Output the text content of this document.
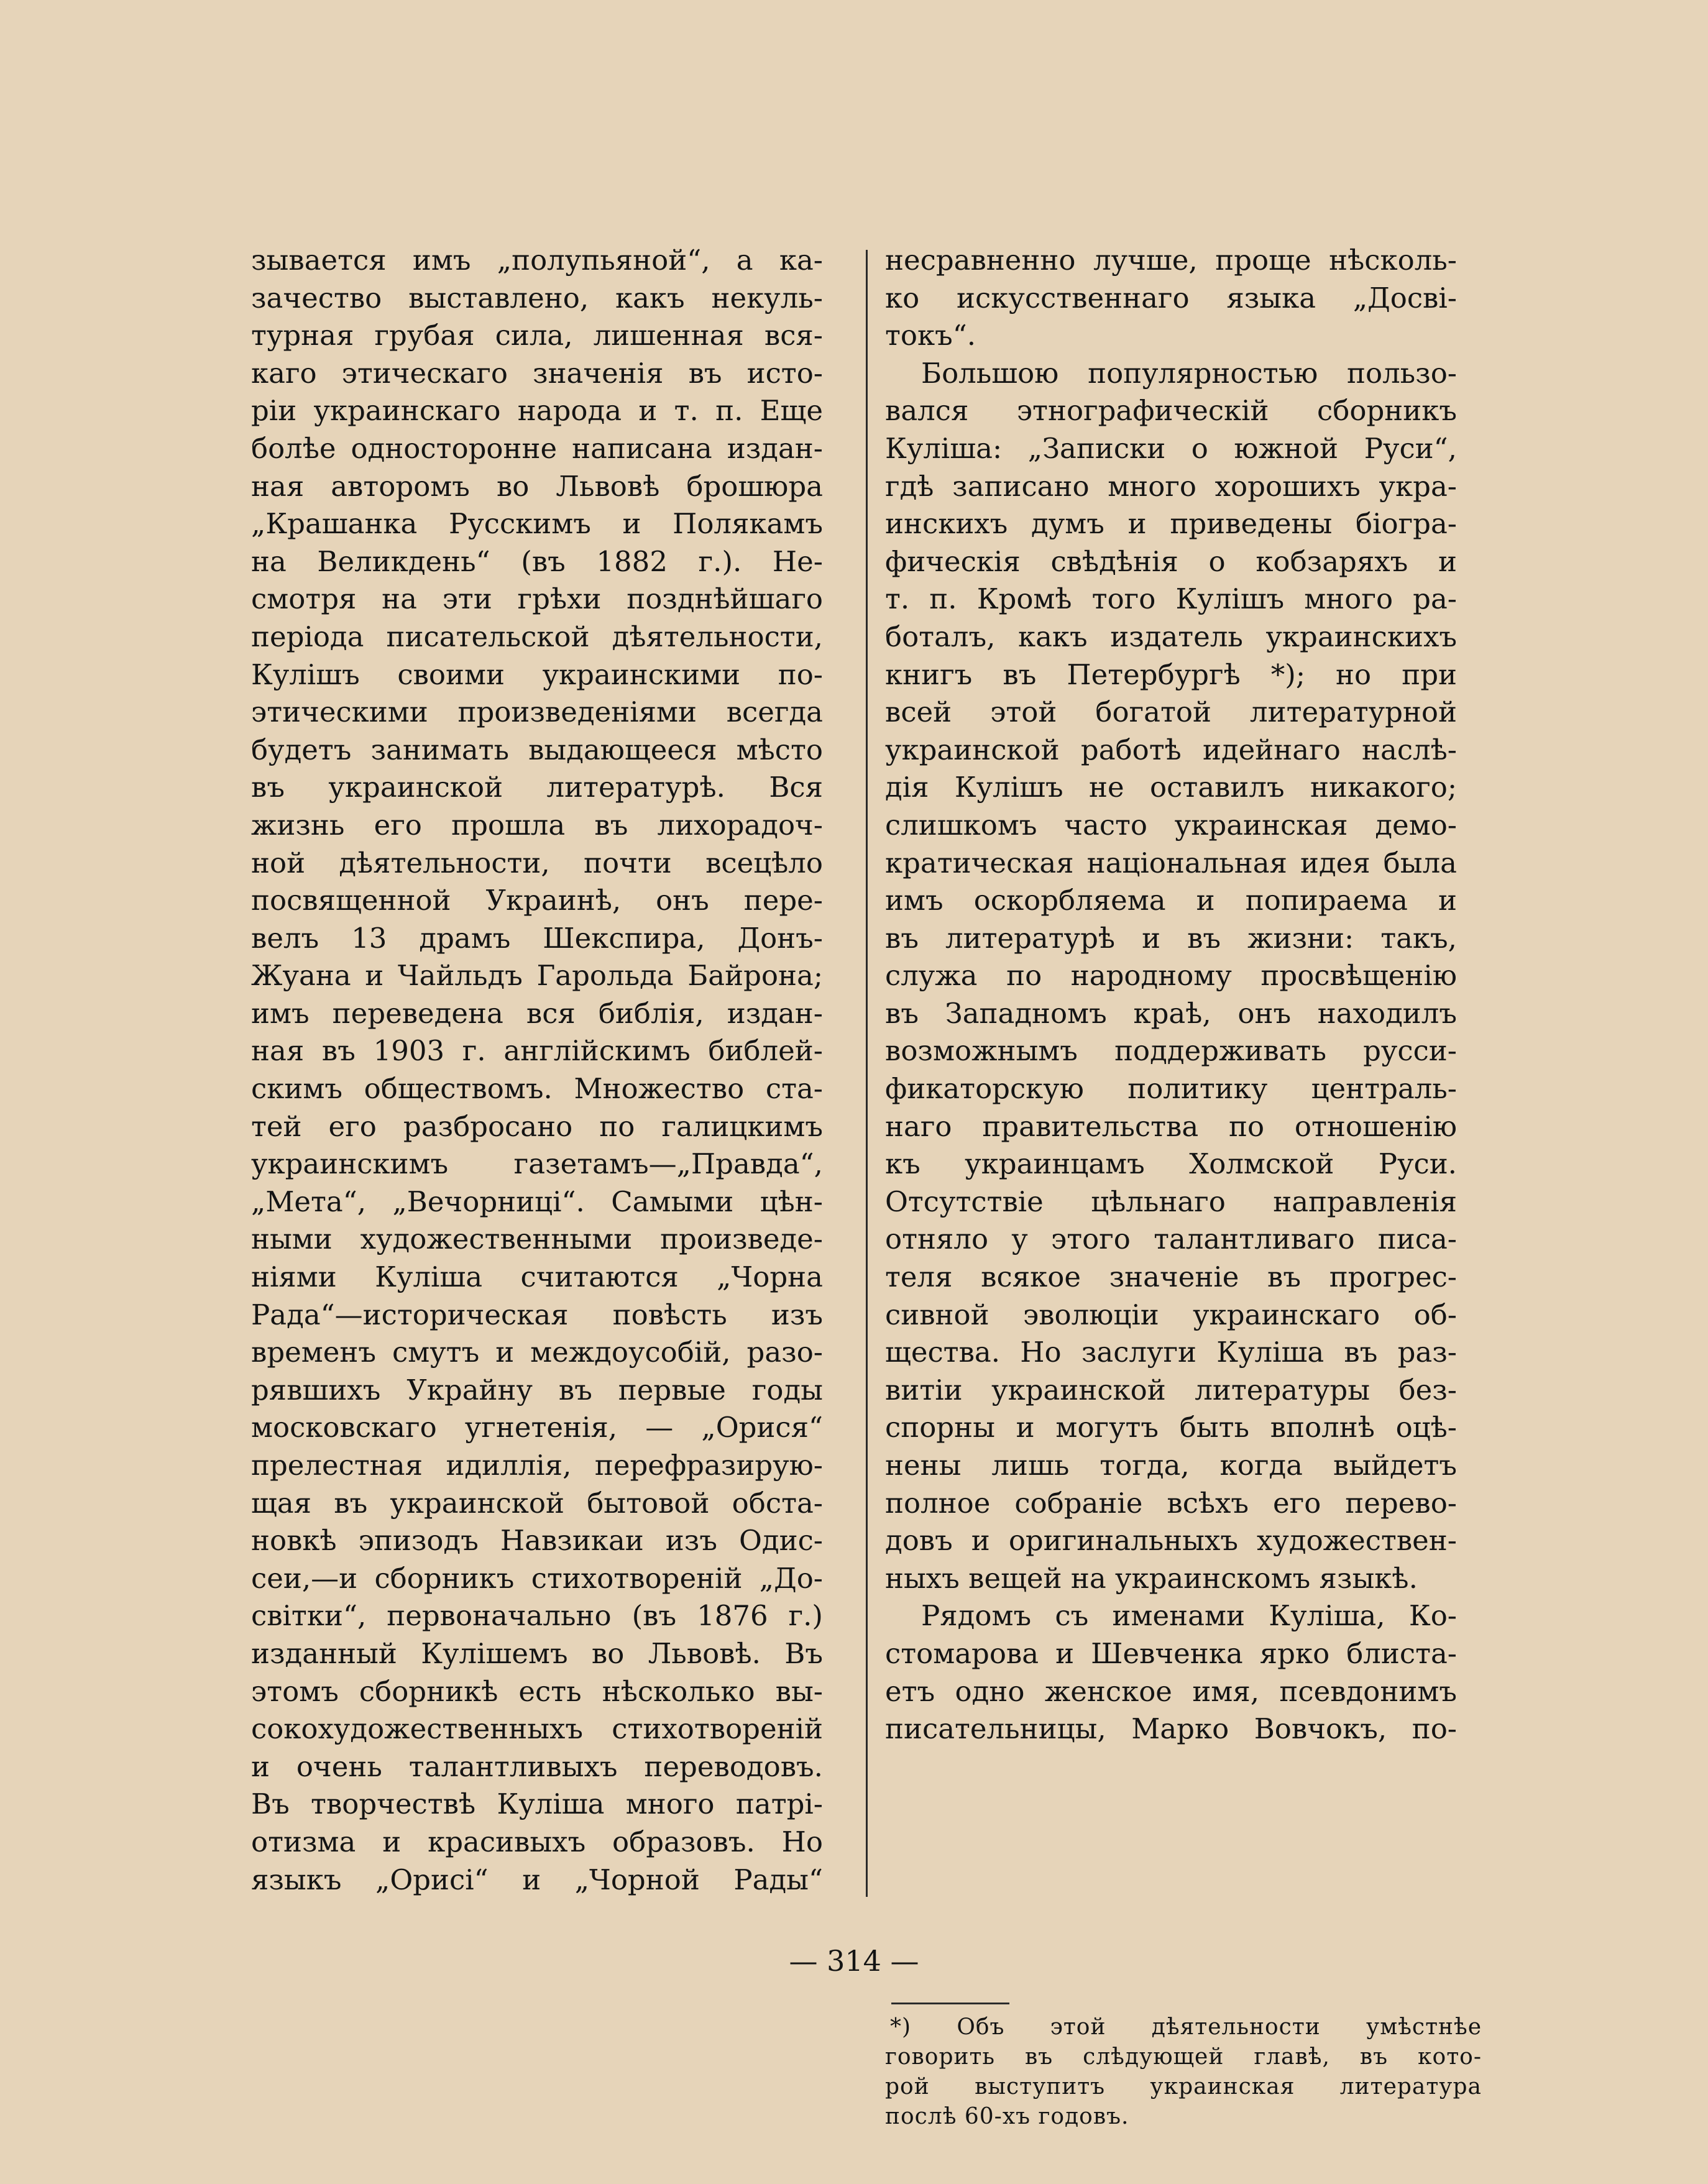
зывается имъ „полупьяной“, а ка-
зачество выставлено, какъ некуль-
турная грубая сила, лишенная вся-
каго этическаго значенія въ исто-
ріи украинскаго народа и т. п. Еще
болѣе односторонне написана издан-
ная авторомъ во Львовѣ брошюра
„Крашанка Русскимъ и Полякамъ
на Великдень“ (въ 1882 г.). Не-
смотря на эти грѣхи позднѣйшаго
періода писательской дѣятельности,
Кулішъ своими украинскими по-
этическими произведеніями всегда
будетъ занимать выдающееся мѣсто
въ украинской литературѣ. Вся
жизнь его прошла въ лихорадоч-
ной дѣятельности, почти всецѣло
посвященной Украинѣ, онъ пере-
велъ 13 драмъ Шекспира, Донъ-
Жуана и Чайльдъ Гарольда Байрона;
имъ переведена вся библія, издан-
ная въ 1903 г. англійскимъ библей-
скимъ обществомъ. Множество ста-
тей его разбросано по галицкимъ
украинскимъ газетамъ—„Правда“,
„Мета“, „Вечорниці“. Самыми цѣн-
ными художественными произведе-
ніями Куліша считаются „Чорна
Рада“—историческая повѣсть изъ
временъ смутъ и междоусобій, разо-
рявшихъ Украйну въ первые годы
московскаго угнетенія, — „Орися“
прелестная идиллія, перефразирую-
щая въ украинской бытовой обста-
новкѣ эпизодъ Навзикаи изъ Одис-
сеи,—и сборникъ стихотвореній „До-
світки“, первоначально (въ 1876 г.)
изданный Кулішемъ во Львовѣ. Въ
этомъ сборникѣ есть нѣсколько вы-
сокохудожественныхъ стихотвореній
и очень талантливыхъ переводовъ.
Въ творчествѣ Куліша много патрі-
отизма и красивыхъ образовъ. Но
языкъ „Орисі“ и „Чорной Рады“
несравненно лучше, проще нѣсколь-
ко искусственнаго языка „Досві-
токъ“.
Большою популярностью пользо-
вался этнографическій сборникъ
Куліша: „Записки о южной Руси“,
гдѣ записано много хорошихъ укра-
инскихъ думъ и приведены біогра-
фическія свѣдѣнія о кобзаряхъ и
т. п. Кромѣ того Кулішъ много ра-
боталъ, какъ издатель украинскихъ
книгъ въ Петербургѣ *); но при
всей этой богатой литературной
украинской работѣ идейнаго наслѣ-
дія Кулішъ не оставилъ никакого;
слишкомъ часто украинская демо-
кратическая національная идея была
имъ оскорбляема и попираема и
въ литературѣ и въ жизни: такъ,
служа по народному просвѣщенію
въ Западномъ краѣ, онъ находилъ
возможнымъ поддерживать русси-
фикаторскую политику централь-
наго правительства по отношенію
къ украинцамъ Холмской Руси.
Отсутствіе цѣльнаго направленія
отняло у этого талантливаго писа-
теля всякое значеніе въ прогрес-
сивной эволюціи украинскаго об-
щества. Но заслуги Куліша въ раз-
витіи украинской литературы без-
спорны и могутъ быть вполнѣ оцѣ-
нены лишь тогда, когда выйдетъ
полное собраніе всѣхъ его перево-
довъ и оригинальныхъ художествен-
ныхъ вещей на украинскомъ языкѣ.
Рядомъ съ именами Куліша, Ко-
стомарова и Шевченка ярко блиста-
етъ одно женское имя, псевдонимъ
писательницы, Марко Вовчокъ, по-
*) Объ этой дѣятельности умѣстнѣе
говорить въ слѣдующей главѣ, въ кото-
рой выступитъ украинская литература
послѣ 60-хъ годовъ.
— 314 —
